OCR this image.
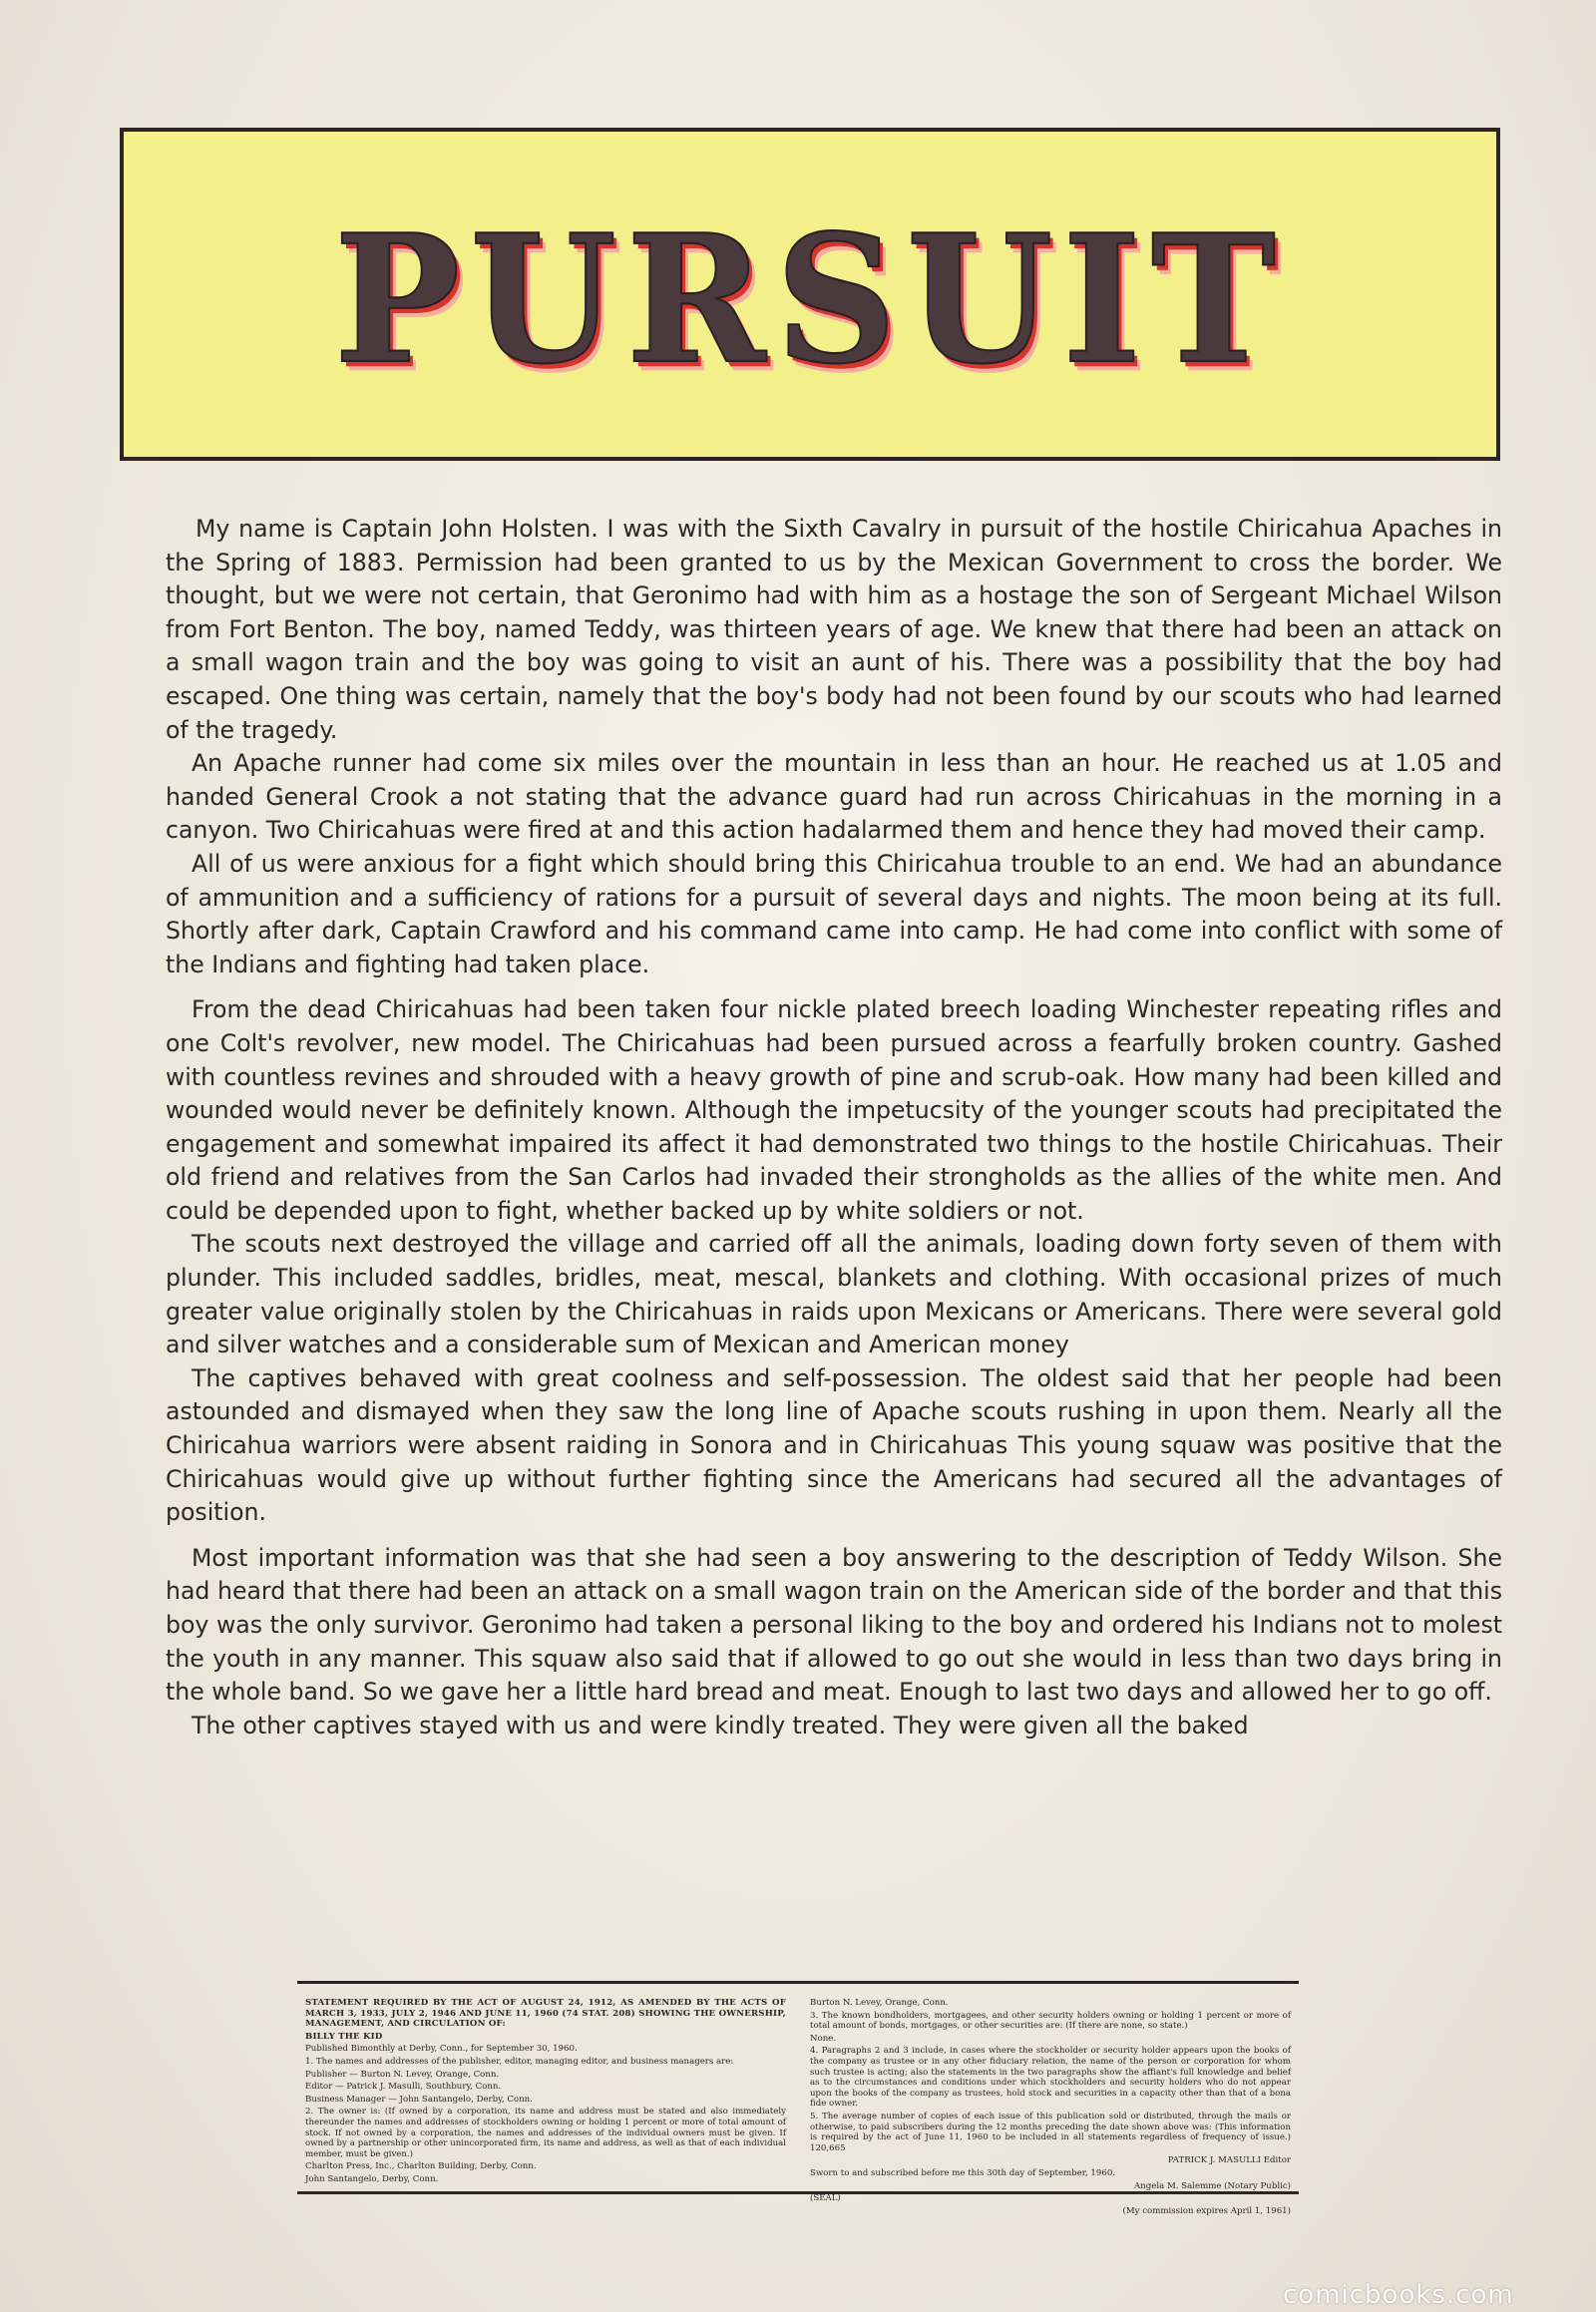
PURSUIT

My name is Captain John Holsten. I was with the Sixth Cavalry in pursuit of the hostile Chiricahua Apaches in the Spring of 1883. Permission had been granted to us by the Mexican Government to cross the border. We thought, but we were not certain, that Geronimo had with him as a hostage the son of Sergeant Michael Wilson from Fort Benton. The boy, named Teddy, was thirteen years of age. We knew that there had been an attack on a small wagon train and the boy was going to visit an aunt of his. There was a possibility that the boy had escaped. One thing was certain, namely that the boy's body had not been found by our scouts who had learned of the tragedy.

An Apache runner had come six miles over the mountain in less than an hour. He reached us at 1.05 and handed General Crook a not stating that the advance guard had run across Chiricahuas in the morning in a canyon. Two Chiricahuas were fired at and this action hadalarmed them and hence they had moved their camp.

All of us were anxious for a fight which should bring this Chiricahua trouble to an end. We had an abundance of ammunition and a sufficiency of rations for a pursuit of several days and nights. The moon being at its full. Shortly after dark, Captain Crawford and his command came into camp. He had come into conflict with some of the Indians and fighting had taken place.

From the dead Chiricahuas had been taken four nickle plated breech loading Winchester repeating rifles and one Colt's revolver, new model. The Chiricahuas had been pursued across a fearfully broken country. Gashed with countless revines and shrouded with a heavy growth of pine and scrub-oak. How many had been killed and wounded would never be definitely known. Although the impetucsity of the younger scouts had precipitated the engagement and somewhat impaired its affect it had demonstrated two things to the hostile Chiricahuas. Their old friend and relatives from the San Carlos had invaded their strongholds as the allies of the white men. And could be depended upon to fight, whether backed up by white soldiers or not.

The scouts next destroyed the village and carried off all the animals, loading down forty seven of them with plunder. This included saddles, bridles, meat, mescal, blankets and clothing. With occasional prizes of much greater value originally stolen by the Chiricahuas in raids upon Mexicans or Americans. There were several gold and silver watches and a considerable sum of Mexican and American money

The captives behaved with great coolness and self-possession. The oldest said that her people had been astounded and dismayed when they saw the long line of Apache scouts rushing in upon them. Nearly all the Chiricahua warriors were absent raiding in Sonora and in Chiricahuas This young squaw was positive that the Chiricahuas would give up without further fighting since the Americans had secured all the advantages of position.

Most important information was that she had seen a boy answering to the description of Teddy Wilson. She had heard that there had been an attack on a small wagon train on the American side of the border and that this boy was the only survivor. Geronimo had taken a personal liking to the boy and ordered his Indians not to molest the youth in any manner. This squaw also said that if allowed to go out she would in less than two days bring in the whole band. So we gave her a little hard bread and meat. Enough to last two days and allowed her to go off.

The other captives stayed with us and were kindly treated. They were given all the baked

STATEMENT REQUIRED BY THE ACT OF AUGUST 24, 1912, AS AMENDED BY THE ACTS OF MARCH 3, 1933, JULY 2, 1946 AND JUNE 11, 1960 (74 STAT. 208) SHOWING THE OWNERSHIP, MANAGEMENT, AND CIRCULATION OF:

BILLY THE KID

Published Bimonthly at Derby, Conn., for September 30, 1960.

1. The names and addresses of the publisher, editor, managing editor, and business managers are:

Publisher — Burton N. Levey, Orange, Conn.

Editor — Patrick J. Masulli, Southbury, Conn.

Business Manager — John Santangelo, Derby, Conn.

2. The owner is: (If owned by a corporation, its name and address must be stated and also immediately thereunder the names and addresses of stockholders owning or holding 1 percent or more of total amount of stock. If not owned by a corporation, the names and addresses of the individual owners must be given. If owned by a partnership or other unincorporated firm, its name and address, as well as that of each individual member, must be given.)

Charlton Press, Inc., Charlton Building, Derby, Conn.

John Santangelo, Derby, Conn.

Burton N. Levey, Orange, Conn.

3. The known bondholders, mortgagees, and other security holders owning or holding 1 percent or more of total amount of bonds, mortgages, or other securities are: (If there are none, so state.)

None.

4. Paragraphs 2 and 3 include, in cases where the stockholder or security holder appears upon the books of the company as trustee or in any other fiduciary relation, the name of the person or corporation for whom such trustee is acting; also the statements in the two paragraphs show the affiant's full knowledge and belief as to the circumstances and conditions under which stockholders and security holders who do not appear upon the books of the company as trustees, hold stock and securities in a capacity other than that of a bona fide owner.

5. The average number of copies of each issue of this publication sold or distributed, through the mails or otherwise, to paid subscribers during the 12 months preceding the date shown above was: (This information is required by the act of June 11, 1960 to be included in all statements regardless of frequency of issue.) 120,665

PATRICK J. MASULLI Editor

Sworn to and subscribed before me this 30th day of September, 1960.

Angela M. Salemme (Notary Public)

(SEAL)

(My commission expires April 1, 1961)

comicbooks.com
